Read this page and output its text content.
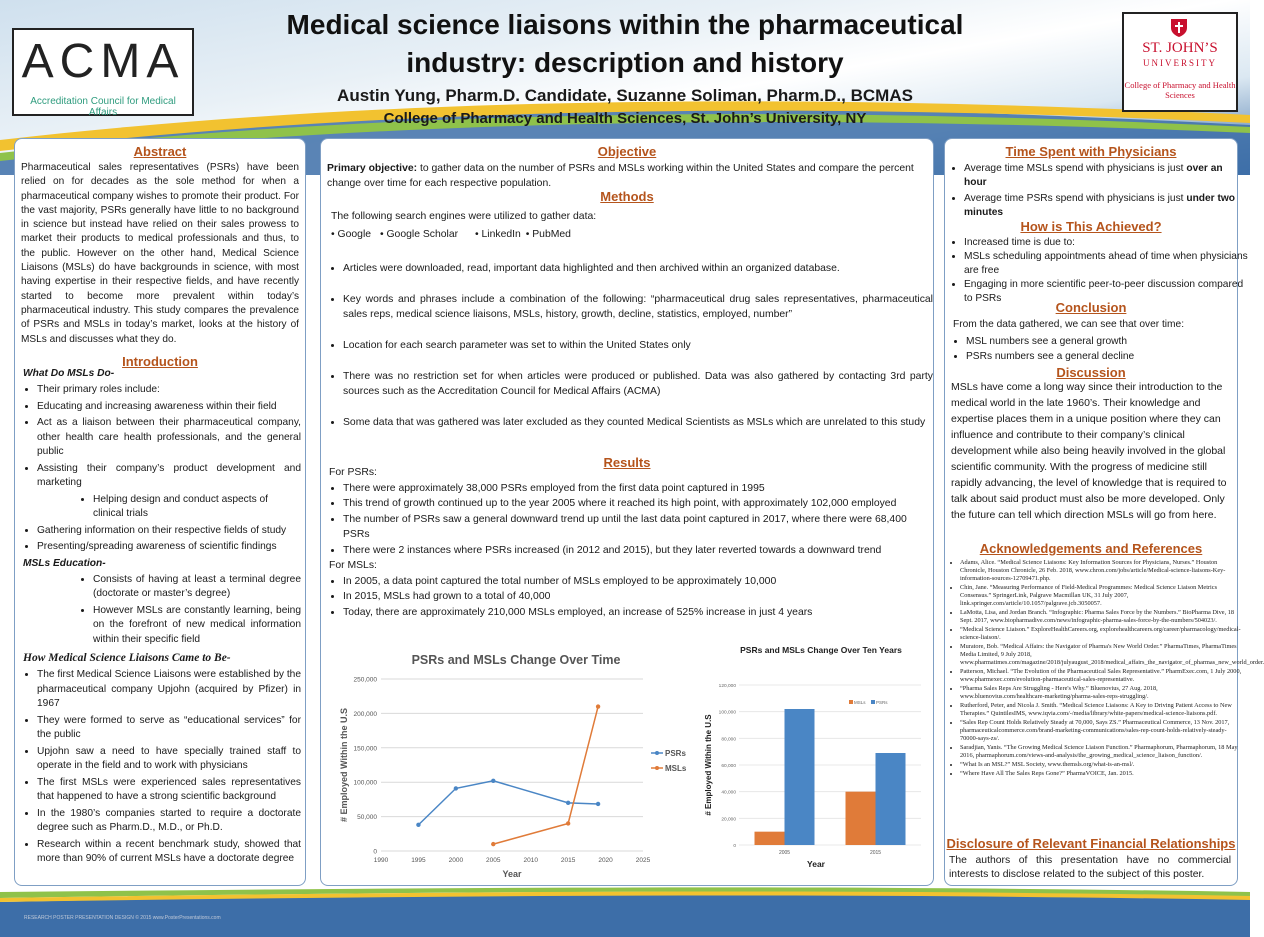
ACMA
Accreditation Council for Medical Affairs
ST. JOHN’S
UNIVERSITY
College of Pharmacy and Health Sciences
Medical science liaisons within the pharmaceutical industry: description and history
Austin Yung, Pharm.D. Candidate, Suzanne Soliman, Pharm.D., BCMAS
College of Pharmacy and Health Sciences, St. John’s University, NY
Abstract
Pharmaceutical sales representatives (PSRs) have been relied on for decades as the sole method for when a pharmaceutical company wishes to promote their product. For the vast majority, PSRs generally have little to no background in science but instead have relied on their sales prowess to market their products to medical professionals and thus, to the public. However on the other hand, Medical Science Liaisons (MSLs) do have backgrounds in science, with most having expertise in their respective fields, and have recently started to become more prevalent within today’s pharmaceutical industry. This study compares the prevalence of PSRs and MSLs in today’s market, looks at the history of MSLs and discusses what they do.
Introduction
What Do MSLs Do-
• Their primary roles include:
• Educating and increasing awareness within their field
• Act as a liaison between their pharmaceutical company, other health care health professionals, and the general public
• Assisting their company’s product development and marketing
• Helping design and conduct aspects of clinical trials
• Gathering information on their respective fields of study
• Presenting/spreading awareness of scientific findings
MSLs Education-
• Consists of having at least a terminal degree (doctorate or master’s degree)
• However MSLs are constantly learning, being on the forefront of new medical information within their specific field
How Medical Science Liaisons Came to Be-
• The first Medical Science Liaisons were established by the pharmaceutical company Upjohn (acquired by Pfizer) in 1967
• They were formed to serve as “educational services” for the public
• Upjohn saw a need to have specially trained staff to operate in the field and to work with physicians
• The first MSLs were experienced sales representatives that happened to have a strong scientific background
• In the 1980’s companies started to require a doctorate degree such as Pharm.D., M.D., or Ph.D.
• Research within a recent benchmark study, showed that more than 90% of current MSLs have a doctorate degree
Objective
Primary objective: to gather data on the number of PSRs and MSLs working within the United States and compare the percent change over time for each respective population.
Methods
The following search engines were utilized to gather data:
• Google • Google Scholar • LinkedIn • PubMed
• Articles were downloaded, read, important data highlighted and then archived within an organized database.
• Key words and phrases include a combination of the following: “pharmaceutical drug sales representatives, pharmaceutical sales reps, medical science liaisons, MSLs, history, growth, decline, statistics, employed, number”
• Location for each search parameter was set to within the United States only
• There was no restriction set for when articles were produced or published. Data was also gathered by contacting 3rd party sources such as the Accreditation Council for Medical Affairs (ACMA)
• Some data that was gathered was later excluded as they counted Medical Scientists as MSLs which are unrelated to this study
Results
For PSRs:
• There were approximately 38,000 PSRs employed from the first data point captured in 1995
• This trend of growth continued up to the year 2005 where it reached its high point, with approximately 102,000 employed
• The number of PSRs saw a general downward trend up until the last data point captured in 2017, where there were 68,400 PSRs
• There were 2 instances where PSRs increased (in 2012 and 2015), but they later reverted towards a downward trend
For MSLs:
• In 2005, a data point captured the total number of MSLs employed to be approximately 10,000
• In 2015, MSLs had grown to a total of 40,000
• Today, there are approximately 210,000 MSLs employed, an increase of 525% increase in just 4 years
PSRs and MSLs Change Over Time
0
50,000
100,000
150,000
200,000
250,000
1990	1995	2000	2005	2010	2015	2020	2025
Year
# Employed Within the U.S	PSRs
MSLs
PSRs and MSLs Change Over Ten Years
0
20,000
40,000
60,000
80,000
100,000
120,000
2005	2015
Year
# Employed Within the U.S
MSLs PSRs
Time Spent with Physicians
• Average time MSLs spend with physicians is just over an hour
• Average time PSRs spend with physicians is just under two minutes
How is This Achieved?
• Increased time is due to:
• MSLs scheduling appointments ahead of time when physicians are free
• Engaging in more scientific peer-to-peer discussion compared to PSRs
Conclusion
From the data gathered, we can see that over time:
• MSL numbers see a general growth
• PSRs numbers see a general decline
Discussion
MSLs have come a long way since their introduction to the medical world in the late 1960’s. Their knowledge and expertise places them in a unique position where they can influence and contribute to their company’s clinical development while also being heavily involved in the global scientific community. With the progress of medicine still rapidly advancing, the level of knowledge that is required to talk about said product must also be more developed. Only the future can tell which direction MSLs will go from here.
Acknowledgements and References
• Adams, Alice. “Medical Science Liaisons: Key Information Sources for Physicians, Nurses.” Houston Chronicle, Houston Chronicle, 26 Feb. 2018, www.chron.com/jobs/article/Medical-science-liaisons-Key-information-sources-12709471.php.
• Chin, Jane. “Measuring Performance of Field-Medical Programmes: Medical Science Liaison Metrics Consensus.” SpringerLink, Palgrave Macmillan UK, 31 July 2007, link.springer.com/article/10.1057/palgrave.jcb.3050057.
• LaMotta, Lisa, and Jordan Branch. “Infographic: Pharma Sales Force by the Numbers.” BioPharma Dive, 18 Sept. 2017, www.biopharmadive.com/news/infographic-pharma-sales-force-by-the-numbers/504023/.
• “Medical Science Liaison.” ExploreHealthCareers.org, explorehealthcareers.org/career/pharmacology/medical-science-liaison/.
• Muratore, Bob. “Medical Affairs: the Navigator of Pharma's New World Order.” PharmaTimes, PharmaTimes Media Limited, 9 July 2018, www.pharmatimes.com/magazine/2018/julyaugust_2018/medical_affairs_the_navigator_of_pharmas_new_world_order.
• Patterson, Michael. “The Evolution of the Pharmaceutical Sales Representative.” PharmExec.com, 1 July 2000, www.pharmexec.com/evolution-pharmaceutical-sales-representative.
• “Pharma Sales Reps Are Struggling - Here's Why.” Bluenovius, 27 Aug. 2018, www.bluenovius.com/healthcare-marketing/pharma-sales-reps-struggling/.
• Rutherford, Peter, and Nicola J. Smith. “Medical Science Liaisons: A Key to Driving Patient Access to New Therapies.” QuintilesIMS, www.iqvia.com/-/media/library/white-papers/medical-science-liaisons.pdf.
• “Sales Rep Count Holds Relatively Steady at 70,000, Says ZS.” Pharmaceutical Commerce, 13 Nov. 2017, pharmaceuticalcommerce.com/brand-marketing-communications/sales-rep-count-holds-relatively-steady-70000-says-zs/.
• Saradjian, Yanis. “The Growing Medical Science Liaison Function.” Pharmaphorum, Pharmaphorum, 18 May 2016, pharmaphorum.com/views-and-analysis/the_growing_medical_science_liaison_function/.
• “What Is an MSL?” MSL Society, www.themsls.org/what-is-an-msl/.
• “Where Have All The Sales Reps Gone?” PharmaVOICE, Jan. 2015.
Disclosure of Relevant Financial Relationships
The authors of this presentation have no commercial interests to disclose related to the subject of this poster.
RESEARCH POSTER PRESENTATION DESIGN © 2015 www.PosterPresentations.com
